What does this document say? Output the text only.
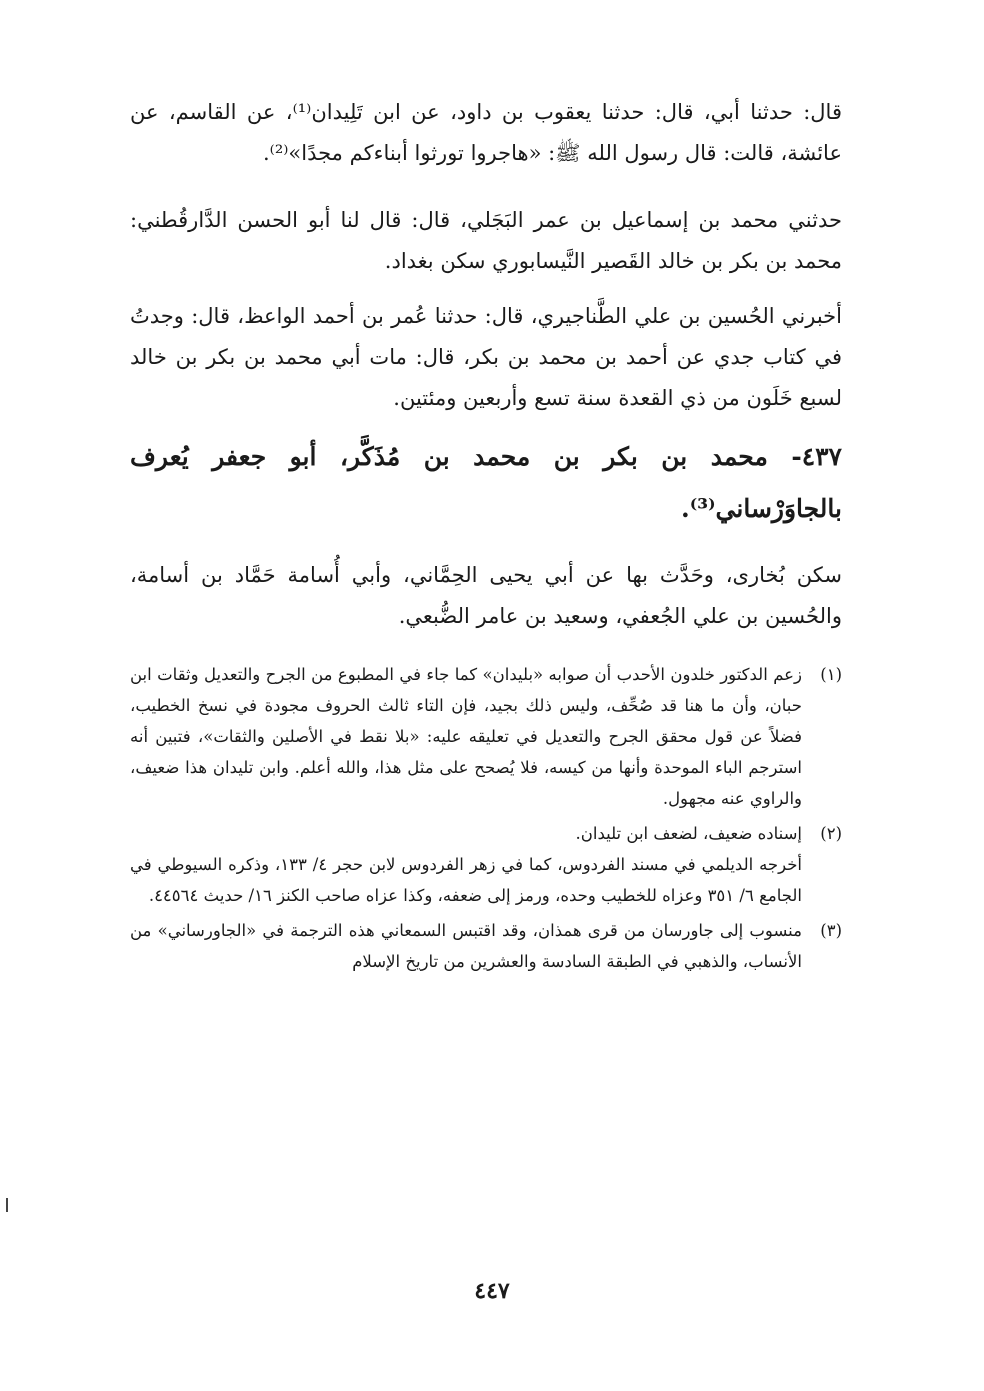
قال: حدثنا أبي، قال: حدثنا يعقوب بن داود، عن ابن تَلِيدان⁽¹⁾، عن القاسم، عن عائشة، قالت: قال رسول الله ﷺ: «هاجروا تورثوا أبناءكم مجدًا»⁽²⁾.

حدثني محمد بن إسماعيل بن عمر البَجَلي، قال: قال لنا أبو الحسن الدَّارقُطني: محمد بن بكر بن خالد القَصير النَّيسابوري سكن بغداد.

أخبرني الحُسين بن علي الطَّناجيري، قال: حدثنا عُمر بن أحمد الواعظ، قال: وجدتُ في كتاب جدي عن أحمد بن محمد بن بكر، قال: مات أبي محمد بن بكر بن خالد لسبع خَلَون من ذي القعدة سنة تسع وأربعين ومئتين.

٤٣٧- محمد بن بكر بن محمد بن مُذَكَّر، أبو جعفر يُعرف بالجاوَرْساني⁽³⁾.

سكن بُخارى، وحَدَّث بها عن أبي يحيى الحِمَّاني، وأبي أُسامة حَمَّاد بن أسامة، والحُسين بن علي الجُعفي، وسعيد بن عامر الضُّبعي.

(١)

زعم الدكتور خلدون الأحدب أن صوابه «بليدان» كما جاء في المطبوع من الجرح والتعديل وثقات ابن حبان، وأن ما هنا قد صُحِّف، وليس ذلك بجيد، فإن التاء ثالث الحروف مجودة في نسخ الخطيب، فضلاً عن قول محقق الجرح والتعديل في تعليقه عليه: «بلا نقط في الأصلين والثقات»، فتبين أنه استرجم الباء الموحدة وأنها من كيسه، فلا يُصحح على مثل هذا، والله أعلم. وابن تليدان هذا ضعيف، والراوي عنه مجهول.

(٢)

إسناده ضعيف، لضعف ابن تليدان.

أخرجه الديلمي في مسند الفردوس، كما في زهر الفردوس لابن حجر ٤/ ١٣٣، وذكره السيوطي في الجامع ٦/ ٣٥١ وعزاه للخطيب وحده، ورمز إلى ضعفه، وكذا عزاه صاحب الكنز ١٦/ حديث ٤٤٥٦٤.

(٣)

منسوب إلى جاورسان من قرى همذان، وقد اقتبس السمعاني هذه الترجمة في «الجاورساني» من الأنساب، والذهبي في الطبقة السادسة والعشرين من تاريخ الإسلام

٤٤٧
